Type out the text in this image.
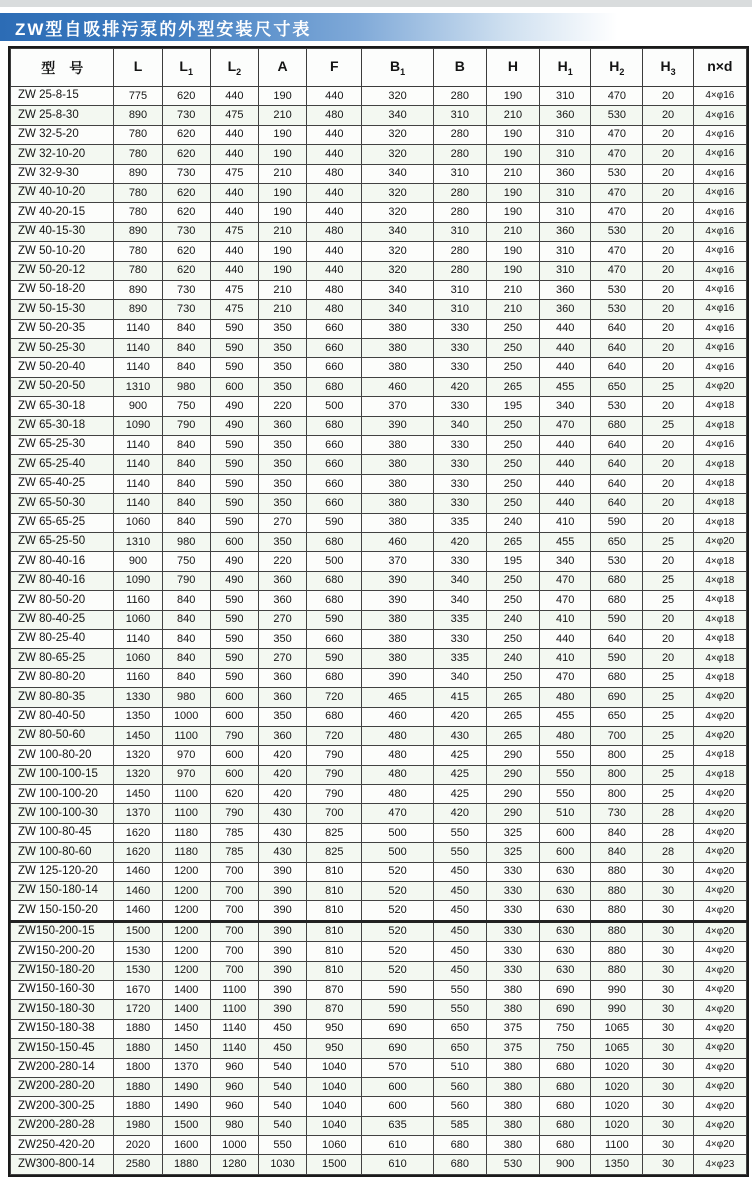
ZW型自吸排污泵的外型安装尺寸表
型　号	L	$L_1$	$L_2$	A	F	$B_1$	B	H	$H_1$	$H_2$	$H_3$	n×d
ZW 25-8-15	775	620	440	190	440	320	280	190	310	470	20	4×φ16
ZW 25-8-30	890	730	475	210	480	340	310	210	360	530	20	4×φ16
ZW 32-5-20	780	620	440	190	440	320	280	190	310	470	20	4×φ16
ZW 32-10-20	780	620	440	190	440	320	280	190	310	470	20	4×φ16
ZW 32-9-30	890	730	475	210	480	340	310	210	360	530	20	4×φ16
ZW 40-10-20	780	620	440	190	440	320	280	190	310	470	20	4×φ16
ZW 40-20-15	780	620	440	190	440	320	280	190	310	470	20	4×φ16
ZW 40-15-30	890	730	475	210	480	340	310	210	360	530	20	4×φ16
ZW 50-10-20	780	620	440	190	440	320	280	190	310	470	20	4×φ16
ZW 50-20-12	780	620	440	190	440	320	280	190	310	470	20	4×φ16
ZW 50-18-20	890	730	475	210	480	340	310	210	360	530	20	4×φ16
ZW 50-15-30	890	730	475	210	480	340	310	210	360	530	20	4×φ16
ZW 50-20-35	1140	840	590	350	660	380	330	250	440	640	20	4×φ16
ZW 50-25-30	1140	840	590	350	660	380	330	250	440	640	20	4×φ16
ZW 50-20-40	1140	840	590	350	660	380	330	250	440	640	20	4×φ16
ZW 50-20-50	1310	980	600	350	680	460	420	265	455	650	25	4×φ20
ZW 65-30-18	900	750	490	220	500	370	330	195	340	530	20	4×φ18
ZW 65-30-18	1090	790	490	360	680	390	340	250	470	680	25	4×φ18
ZW 65-25-30	1140	840	590	350	660	380	330	250	440	640	20	4×φ16
ZW 65-25-40	1140	840	590	350	660	380	330	250	440	640	20	4×φ18
ZW 65-40-25	1140	840	590	350	660	380	330	250	440	640	20	4×φ18
ZW 65-50-30	1140	840	590	350	660	380	330	250	440	640	20	4×φ18
ZW 65-65-25	1060	840	590	270	590	380	335	240	410	590	20	4×φ18
ZW 65-25-50	1310	980	600	350	680	460	420	265	455	650	25	4×φ20
ZW 80-40-16	900	750	490	220	500	370	330	195	340	530	20	4×φ18
ZW 80-40-16	1090	790	490	360	680	390	340	250	470	680	25	4×φ18
ZW 80-50-20	1160	840	590	360	680	390	340	250	470	680	25	4×φ18
ZW 80-40-25	1060	840	590	270	590	380	335	240	410	590	20	4×φ18
ZW 80-25-40	1140	840	590	350	660	380	330	250	440	640	20	4×φ18
ZW 80-65-25	1060	840	590	270	590	380	335	240	410	590	20	4×φ18
ZW 80-80-20	1160	840	590	360	680	390	340	250	470	680	25	4×φ18
ZW 80-80-35	1330	980	600	360	720	465	415	265	480	690	25	4×φ20
ZW 80-40-50	1350	1000	600	350	680	460	420	265	455	650	25	4×φ20
ZW 80-50-60	1450	1100	790	360	720	480	430	265	480	700	25	4×φ20
ZW 100-80-20	1320	970	600	420	790	480	425	290	550	800	25	4×φ18
ZW 100-100-15	1320	970	600	420	790	480	425	290	550	800	25	4×φ18
ZW 100-100-20	1450	1100	620	420	790	480	425	290	550	800	25	4×φ20
ZW 100-100-30	1370	1100	790	430	700	470	420	290	510	730	28	4×φ20
ZW 100-80-45	1620	1180	785	430	825	500	550	325	600	840	28	4×φ20
ZW 100-80-60	1620	1180	785	430	825	500	550	325	600	840	28	4×φ20
ZW 125-120-20	1460	1200	700	390	810	520	450	330	630	880	30	4×φ20
ZW 150-180-14	1460	1200	700	390	810	520	450	330	630	880	30	4×φ20
ZW 150-150-20	1460	1200	700	390	810	520	450	330	630	880	30	4×φ20
ZW150-200-15	1500	1200	700	390	810	520	450	330	630	880	30	4×φ20
ZW150-200-20	1530	1200	700	390	810	520	450	330	630	880	30	4×φ20
ZW150-180-20	1530	1200	700	390	810	520	450	330	630	880	30	4×φ20
ZW150-160-30	1670	1400	1100	390	870	590	550	380	690	990	30	4×φ20
ZW150-180-30	1720	1400	1100	390	870	590	550	380	690	990	30	4×φ20
ZW150-180-38	1880	1450	1140	450	950	690	650	375	750	1065	30	4×φ20
ZW150-150-45	1880	1450	1140	450	950	690	650	375	750	1065	30	4×φ20
ZW200-280-14	1800	1370	960	540	1040	570	510	380	680	1020	30	4×φ20
ZW200-280-20	1880	1490	960	540	1040	600	560	380	680	1020	30	4×φ20
ZW200-300-25	1880	1490	960	540	1040	600	560	380	680	1020	30	4×φ20
ZW200-280-28	1980	1500	980	540	1040	635	585	380	680	1020	30	4×φ20
ZW250-420-20	2020	1600	1000	550	1060	610	680	380	680	1100	30	4×φ20
ZW300-800-14	2580	1880	1280	1030	1500	610	680	530	900	1350	30	4×φ23
